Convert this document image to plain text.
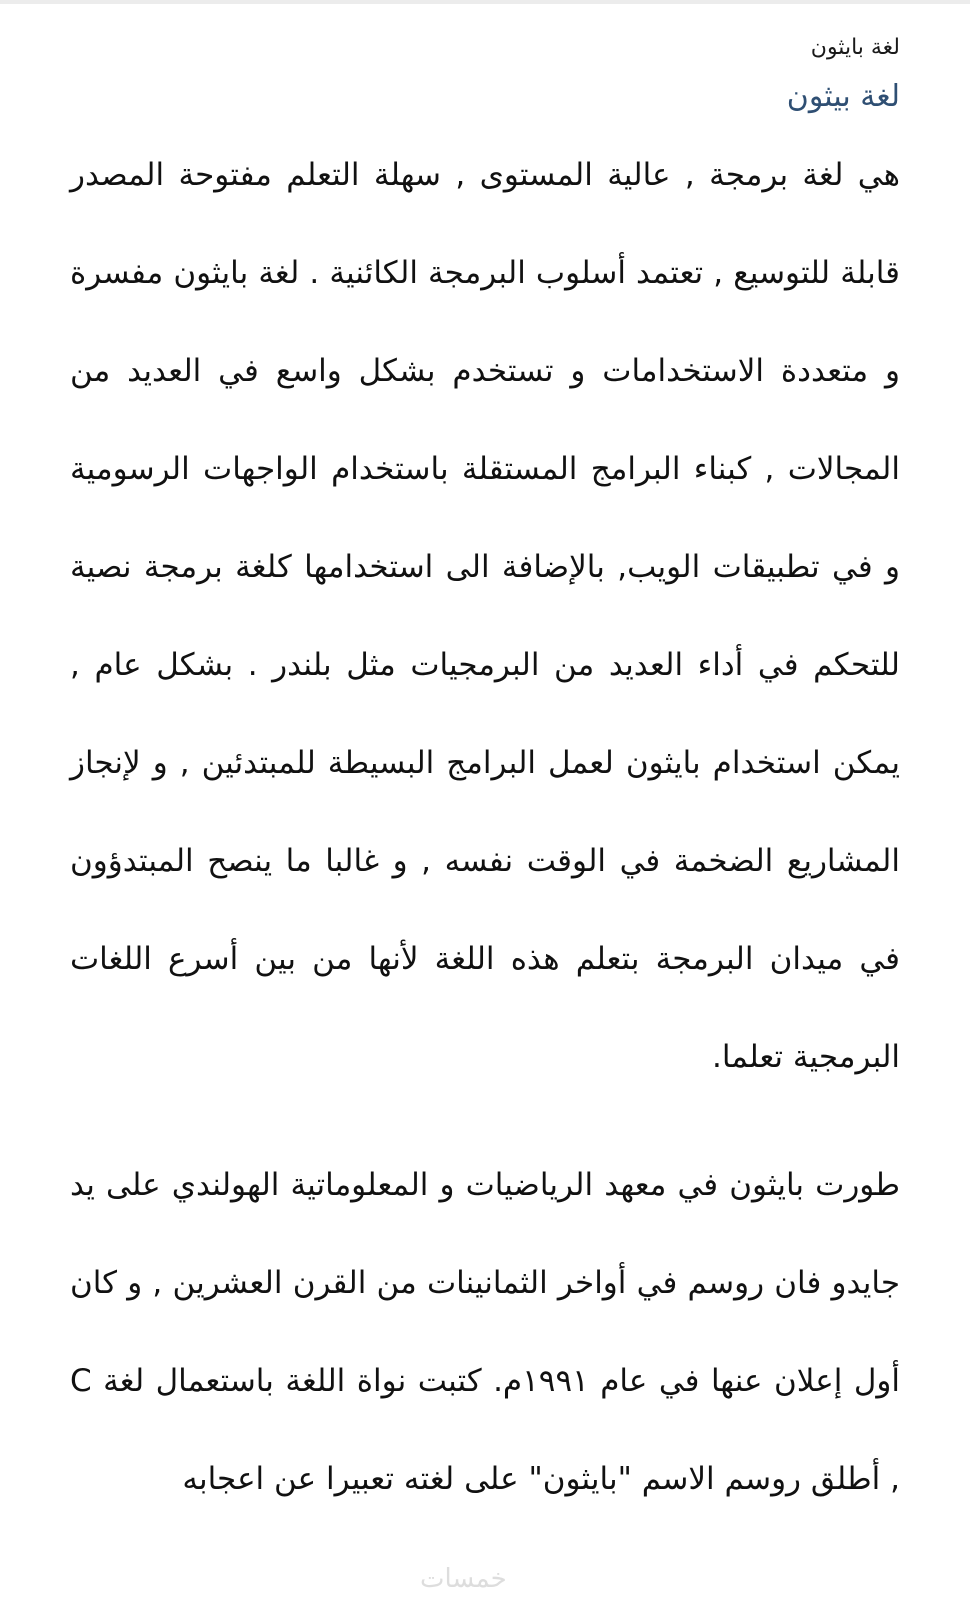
لغة بايثون
لغة بيثون

هي لغة برمجة , عالية المستوى , سهلة التعلم مفتوحة المصدر قابلة للتوسيع , تعتمد أسلوب البرمجة الكائنية . لغة بايثون مفسرة و متعددة الاستخدامات و تستخدم بشكل واسع في العديد من المجالات , كبناء البرامج المستقلة باستخدام الواجهات الرسومية و في تطبيقات الويب, بالإضافة الى استخدامها كلغة برمجة نصية للتحكم في أداء العديد من البرمجيات مثل بلندر . بشكل عام , يمكن استخدام بايثون لعمل البرامج البسيطة للمبتدئين , و لإنجاز المشاريع الضخمة في الوقت نفسه , و غالبا ما ينصح المبتدؤون في ميدان البرمجة بتعلم هذه اللغة لأنها من بين أسرع اللغات البرمجية تعلما.

طورت بايثون في معهد الرياضيات و المعلوماتية الهولندي على يد جايدو فان روسم في أواخر الثمانينات من القرن العشرين , و كان أول إعلان عنها في عام ١٩٩١م. كتبت نواة اللغة باستعمال لغة C , أطلق روسم الاسم "بايثون" على لغته تعبيرا عن اعجابه

خمسات
